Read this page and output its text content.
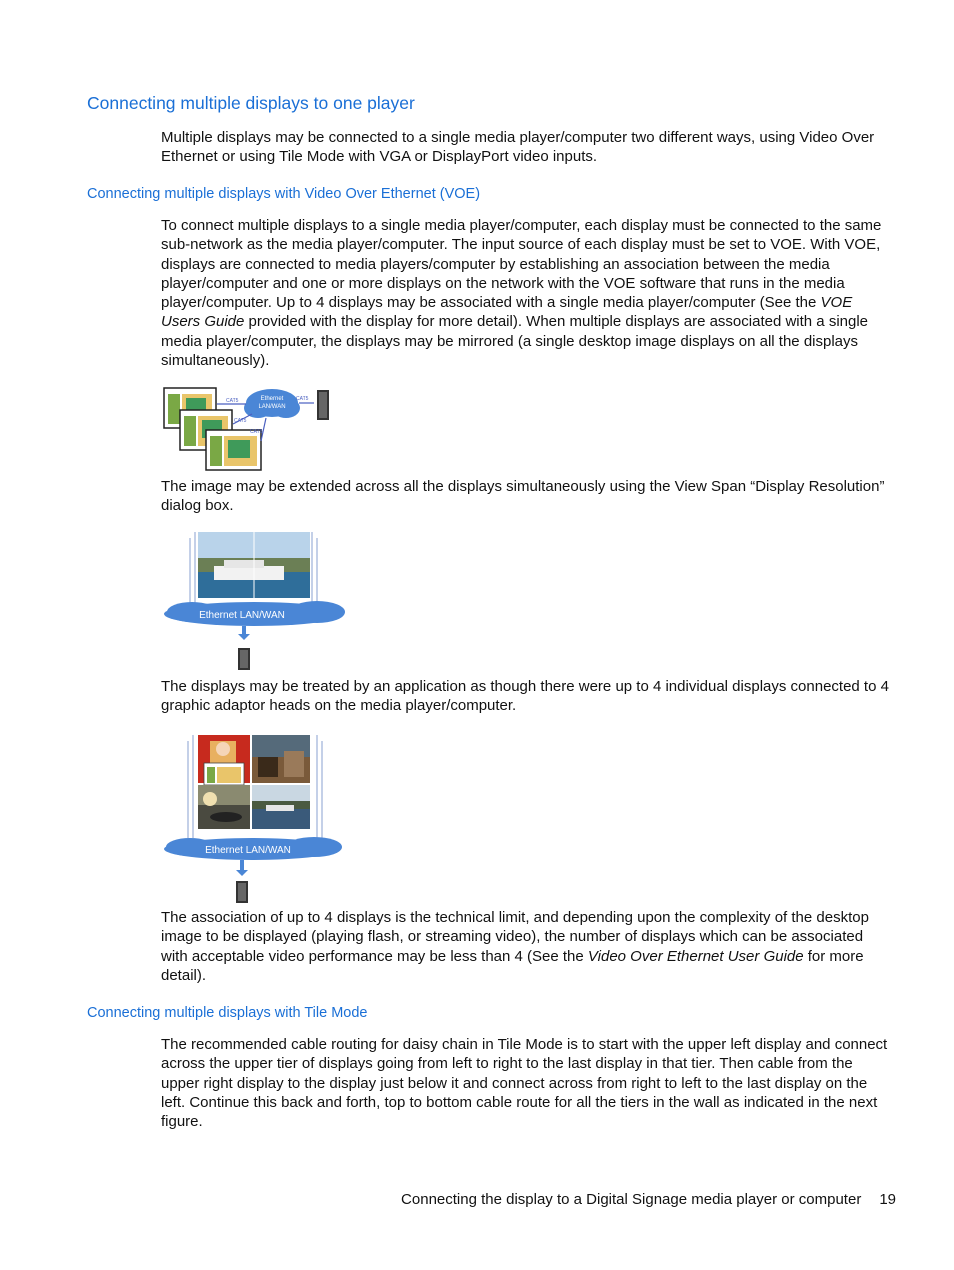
Connecting multiple displays to one player
Multiple displays may be connected to a single media player/computer two different ways, using Video Over Ethernet or using Tile Mode with VGA or DisplayPort video inputs.
Connecting multiple displays with Video Over Ethernet (VOE)
To connect multiple displays to a single media player/computer, each display must be connected to the same sub-network as the media player/computer. The input source of each display must be set to VOE. With VOE, displays are connected to media players/computer by establishing an association between the media player/computer and one or more displays on the network with the VOE software that runs in the media player/computer. Up to 4 displays may be associated with a single media player/computer (See the VOE Users Guide provided with the display for more detail). When multiple displays are associated with a single media player/computer, the displays may be mirrored (a single desktop image displays on all the displays simultaneously).
Ethernet
LAN/WAN
CAT5
CAT5
CAT5
CAT5
The image may be extended across all the displays simultaneously using the View Span “Display Resolution” dialog box.
Ethernet LAN/WAN
The displays may be treated by an application as though there were up to 4 individual displays connected to 4 graphic adaptor heads on the media player/computer.
Ethernet LAN/WAN
The association of up to 4 displays is the technical limit, and depending upon the complexity of the desktop image to be displayed (playing flash, or streaming video), the number of displays which can be associated with acceptable video performance may be less than 4 (See the Video Over Ethernet User Guide for more detail).
Connecting multiple displays with Tile Mode
The recommended cable routing for daisy chain in Tile Mode is to start with the upper left display and connect across the upper tier of displays going from left to right to the last display in that tier. Then cable from the upper right display to the display just below it and connect across from right to left to the last display on the left. Continue this back and forth, top to bottom cable route for all the tiers in the wall as indicated in the next figure.
Connecting the display to a Digital Signage media player or computer 19
